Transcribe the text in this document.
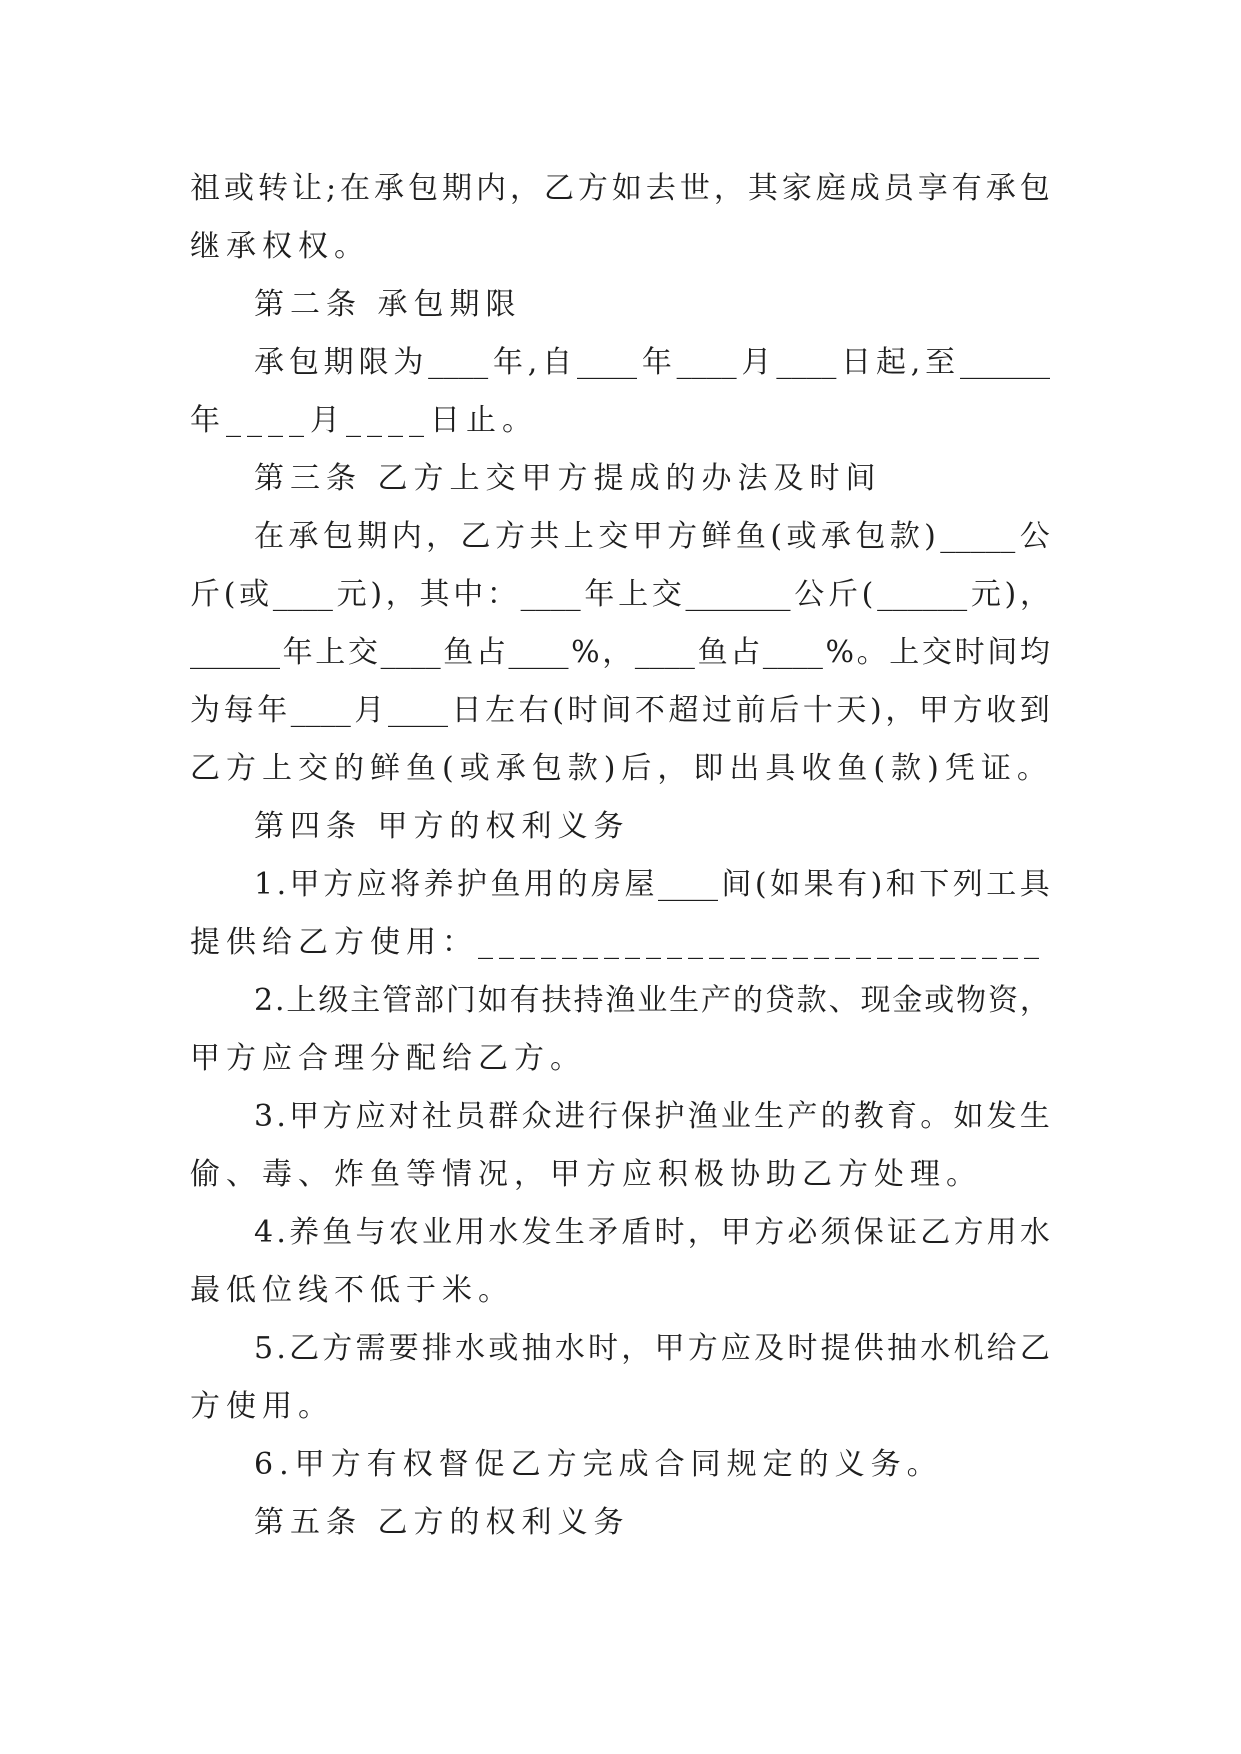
祖 或 转 让 ; 在 承 包 期 内 ， 乙 方 如 去 世 ， 其 家 庭 成 员 享 有 承 包
继承权权。
第二条 承包期限
承 包 期 限 为 ____ 年 , 自 ____ 年 ____ 月 ____ 日 起 , 至 ______
年____月____日止。
第三条 乙方上交甲方提成的办法及时间
在 承 包 期 内 ， 乙 方 共 上 交 甲 方 鲜 鱼 ( 或 承 包 款 ) _____ 公
斤 ( 或 ____ 元 ) ， 其 中 ： ____ 年 上 交 _______ 公 斤 ( ______ 元 ) ，
______ 年 上 交 ____ 鱼 占 ____ % ， ____ 鱼 占 ____ % 。 上 交 时 间 均
为 每 年 ____ 月 ____ 日 左 右 ( 时 间 不 超 过 前 后 十 天 ) ， 甲 方 收 到
乙方上交的鲜鱼(或承包款)后，即出具收鱼(款)凭证。
第四条 甲方的权利义务
1 . 甲 方 应 将 养 护 鱼 用 的 房 屋 ____ 间 ( 如 果 有 ) 和 下 列 工 具
提供给乙方使用：___________________________
2 . 上 级 主 管 部 门 如 有 扶 持 渔 业 生 产 的 贷 款 、 现 金 或 物 资 ，
甲方应合理分配给乙方。
3 . 甲 方 应 对 社 员 群 众 进 行 保 护 渔 业 生 产 的 教 育 。 如 发 生
偷、毒、炸鱼等情况，甲方应积极协助乙方处理。
4 . 养 鱼 与 农 业 用 水 发 生 矛 盾 时 ， 甲 方 必 须 保 证 乙 方 用 水
最低位线不低于米。
5 . 乙 方 需 要 排 水 或 抽 水 时 ， 甲 方 应 及 时 提 供 抽 水 机 给 乙
方使用。
6.甲方有权督促乙方完成合同规定的义务。
第五条 乙方的权利义务
